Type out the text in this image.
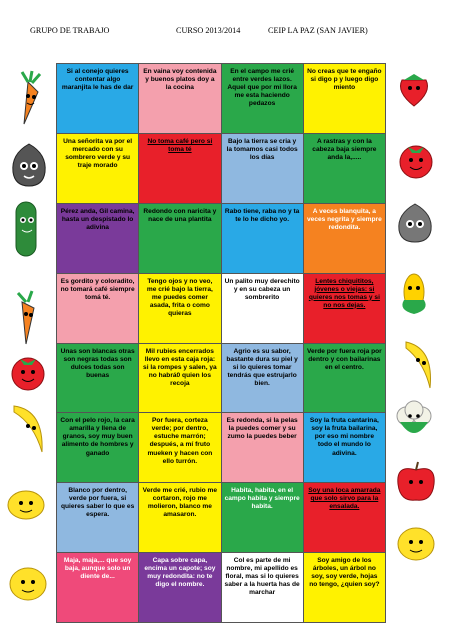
GRUPO DE TRABAJO	CURSO 2013/2014	CEIP LA PAZ (SAN JAVIER)
Si al conejo quieres contentar algo maranjita le has de dar
En vaina voy contenida y buenos platos doy a la cocina
En el campo me crié entre verdes lazos. Aquel que por mi llora me esta haciendo pedazos
No creas que te engaño si digo p y luego digo miento
Una señorita va por el mercado con su sombrero verde y su traje morado
No toma café pero si toma té
Bajo la tierra se cria y la tomamos casi todos los días
A rastras y con la cabeza baja siempre anda la,.....
Pérez anda, Gil camina, hasta un despistado lo adivina
Redondo con naricita y nace de una plantita
Rabo tiene, raba no y ta te lo he dicho yo.
A veces blanquita, a veces negrita y siempre redondita.
Es gordito y coloradito, no tomará café siempre tomá té.
Tengo ojos y no veo, me crié bajo la tierra, me puedes comer asada, frita o como quieras
Un palito muy derechito y en su cabeza un sombrerito
Lentes chiquititos, jóvenes o viejas: si quieres nos tomas y si no nos dejas.
Unas son blancas otras son negras todas son dulces todas son buenas
Mil rubies encerrados llevo en esta caja roja: si la rompes y salen, ya no habrá0 quien los recoja
Agrio es su sabor, bastante dura su piel y si lo quieres tomar tendrás que estrujarlo bien.
Verde por fuera roja por dentro y con bailarinas en el centro.
Con el pelo rojo, la cara amarilla y llena de granos, soy muy buen alimento de hombres y ganado
Por fuera, corteza verde; por dentro, estuche marrón; después, a mí fruto mueken y hacen con ello turrón.
Es redonda, si la pelas la puedes comer y su zumo la puedes beber
Soy la fruta cantarina, soy la fruta bailarina, por eso mi nombre todo el mundo lo adivina.
Blanco por dentro, verde por fuera, si quieres saber lo que es espera.
Verde me crié, rubio me cortaron, rojo me molieron, blanco me amasaron.
Habita, habita, en el campo habita y siempre habita.
Soy una loca amarrada que solo sirvo para la ensalada.
Maja, maja,... que soy baja, aunque solo un diente de...
Capa sobre capa, encima un capote; soy muy redondita: no te digo el nombre.
Col es parte de mi nombre, mi apellido es floral, mas si lo quieres saber a la huerta has de marchar
Soy amigo de los árboles, un árbol no soy, soy verde, hojas no tengo, ¿quien soy?
